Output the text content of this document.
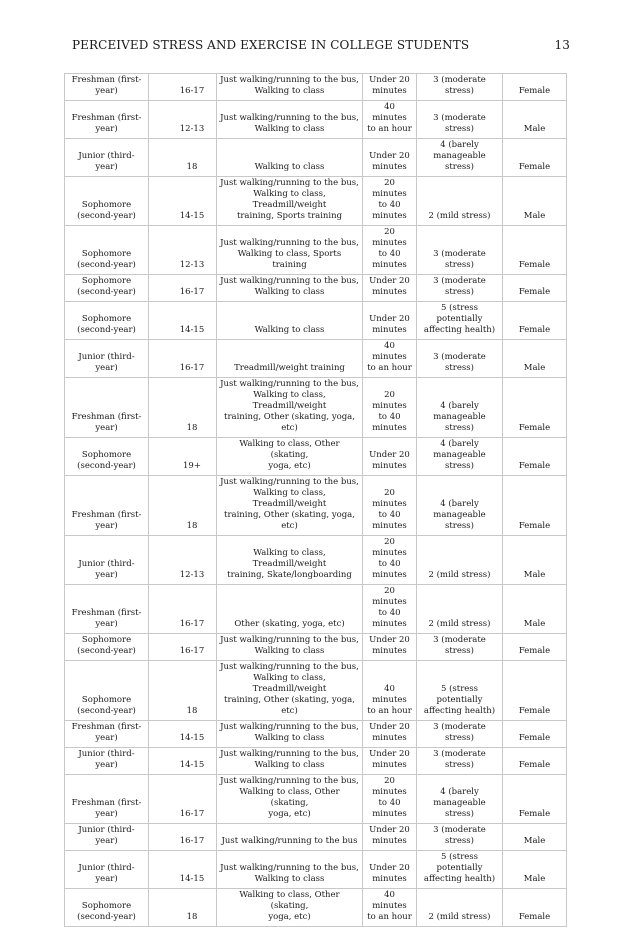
PERCEIVED STRESS AND EXERCISE IN COLLEGE STUDENTS	13
Freshman (first-
year)	16-17	Just walking/running to the bus,
Walking to class	Under 20
minutes	3 (moderate stress)	Female
Freshman (first-
year)	12-13	Just walking/running to the bus,
Walking to class	40 minutes
to an hour	3 (moderate stress)	Male
Junior (third-
year)	18	Walking to class	Under 20
minutes	4 (barely
manageable stress)	Female
Sophomore
(second-year)	14-15	Just walking/running to the bus,
Walking to class, Treadmill/weight
training, Sports training	20 minutes
to 40
minutes	2 (mild stress)	Male
Sophomore
(second-year)	12-13	Just walking/running to the bus,
Walking to class, Sports training	20 minutes
to 40
minutes	3 (moderate stress)	Female
Sophomore
(second-year)	16-17	Just walking/running to the bus,
Walking to class	Under 20
minutes	3 (moderate stress)	Female
Sophomore
(second-year)	14-15	Walking to class	Under 20
minutes	5 (stress potentially
affecting health)	Female
Junior (third-
year)	16-17	Treadmill/weight training	40 minutes
to an hour	3 (moderate stress)	Male
Freshman (first-
year)	18	Just walking/running to the bus,
Walking to class, Treadmill/weight
training, Other (skating, yoga, etc)	20 minutes
to 40
minutes	4 (barely
manageable stress)	Female
Sophomore
(second-year)	19+	Walking to class, Other (skating,
yoga, etc)	Under 20
minutes	4 (barely
manageable stress)	Female
Freshman (first-
year)	18	Just walking/running to the bus,
Walking to class, Treadmill/weight
training, Other (skating, yoga, etc)	20 minutes
to 40
minutes	4 (barely
manageable stress)	Female
Junior (third-
year)	12-13	Walking to class, Treadmill/weight
training, Skate/longboarding	20 minutes
to 40
minutes	2 (mild stress)	Male
Freshman (first-
year)	16-17	Other (skating, yoga, etc)	20 minutes
to 40
minutes	2 (mild stress)	Male
Sophomore
(second-year)	16-17	Just walking/running to the bus,
Walking to class	Under 20
minutes	3 (moderate stress)	Female
Sophomore
(second-year)	18	Just walking/running to the bus,
Walking to class, Treadmill/weight
training, Other (skating, yoga, etc)	40 minutes
to an hour	5 (stress potentially
affecting health)	Female
Freshman (first-
year)	14-15	Just walking/running to the bus,
Walking to class	Under 20
minutes	3 (moderate stress)	Female
Junior (third-
year)	14-15	Just walking/running to the bus,
Walking to class	Under 20
minutes	3 (moderate stress)	Female
Freshman (first-
year)	16-17	Just walking/running to the bus,
Walking to class, Other (skating,
yoga, etc)	20 minutes
to 40
minutes	4 (barely
manageable stress)	Female
Junior (third-
year)	16-17	Just walking/running to the bus	Under 20
minutes	3 (moderate stress)	Male
Junior (third-
year)	14-15	Just walking/running to the bus,
Walking to class	Under 20
minutes	5 (stress potentially
affecting health)	Male
Sophomore
(second-year)	18	Walking to class, Other (skating,
yoga, etc)	40 minutes
to an hour	2 (mild stress)	Female
